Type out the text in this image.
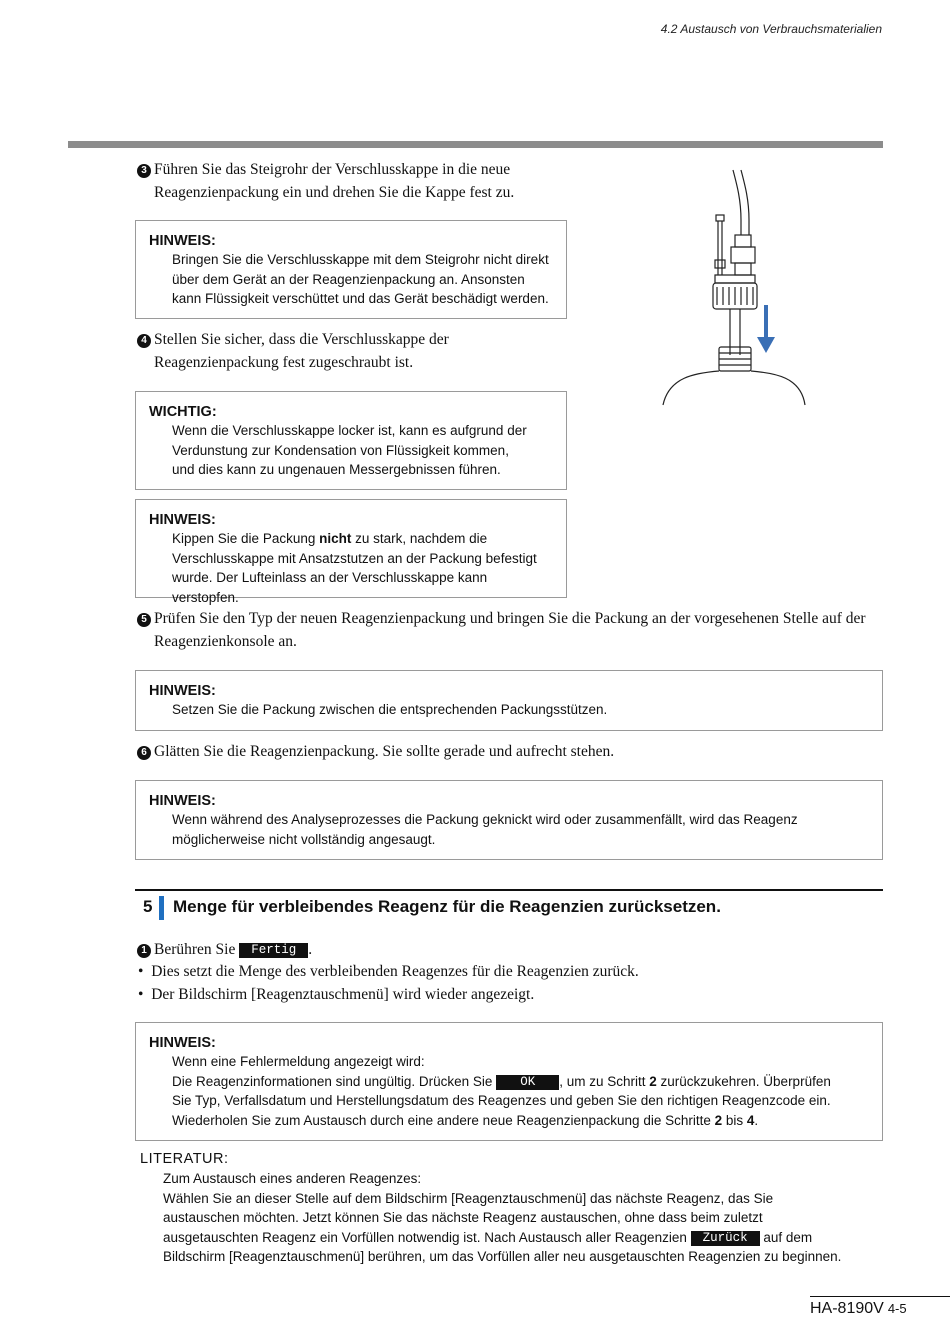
4.2 Austausch von Verbrauchsmaterialien
3 Führen Sie das Steigrohr der Verschlusskappe in die neue
Reagenzienpackung ein und drehen Sie die Kappe fest zu.
HINWEIS:
Bringen Sie die Verschlusskappe mit dem Steigrohr nicht direkt
über dem Gerät an der Reagenzienpackung an. Ansonsten
kann Flüssigkeit verschüttet und das Gerät beschädigt werden.
4 Stellen Sie sicher, dass die Verschlusskappe der
Reagenzienpackung fest zugeschraubt ist.
WICHTIG:
Wenn die Verschlusskappe locker ist, kann es aufgrund der
Verdunstung zur Kondensation von Flüssigkeit kommen,
und dies kann zu ungenauen Messergebnissen führen.
HINWEIS:
Kippen Sie die Packung nicht zu stark, nachdem die
Verschlusskappe mit Ansatzstutzen an der Packung befestigt
wurde. Der Lufteinlass an der Verschlusskappe kann verstopfen.
5 Prüfen Sie den Typ der neuen Reagenzienpackung und bringen Sie die Packung an der vorgesehenen Stelle auf der
Reagenzienkonsole an.
HINWEIS:
Setzen Sie die Packung zwischen die entsprechenden Packungsstützen.
6 Glätten Sie die Reagenzienpackung. Sie sollte gerade und aufrecht stehen.
HINWEIS:
Wenn während des Analyseprozesses die Packung geknickt wird oder zusammenfällt, wird das Reagenz
möglicherweise nicht vollständig angesaugt.
5 Menge für verbleibendes Reagenz für die Reagenzien zurücksetzen.
1 Berühren Sie Fertig .
• Dies setzt die Menge des verbleibenden Reagenzes für die Reagenzien zurück.
• Der Bildschirm [Reagenztauschmenü] wird wieder angezeigt.
HINWEIS:
Wenn eine Fehlermeldung angezeigt wird:
Die Reagenzinformationen sind ungültig. Drücken Sie OK , um zu Schritt 2 zurückzukehren. Überprüfen
Sie Typ, Verfallsdatum und Herstellungsdatum des Reagenzes und geben Sie den richtigen Reagenzcode ein.
Wiederholen Sie zum Austausch durch eine andere neue Reagenzienpackung die Schritte 2 bis 4.
LITERATUR:
Zum Austausch eines anderen Reagenzes:
Wählen Sie an dieser Stelle auf dem Bildschirm [Reagenztauschmenü] das nächste Reagenz, das Sie
austauschen möchten. Jetzt können Sie das nächste Reagenz austauschen, ohne dass beim zuletzt
ausgetauschten Reagenz ein Vorfüllen notwendig ist. Nach Austausch aller Reagenzien Zurück auf dem
Bildschirm [Reagenztauschmenü] berühren, um das Vorfüllen aller neu ausgetauschten Reagenzien zu beginnen.
HA-8190V 4-5
